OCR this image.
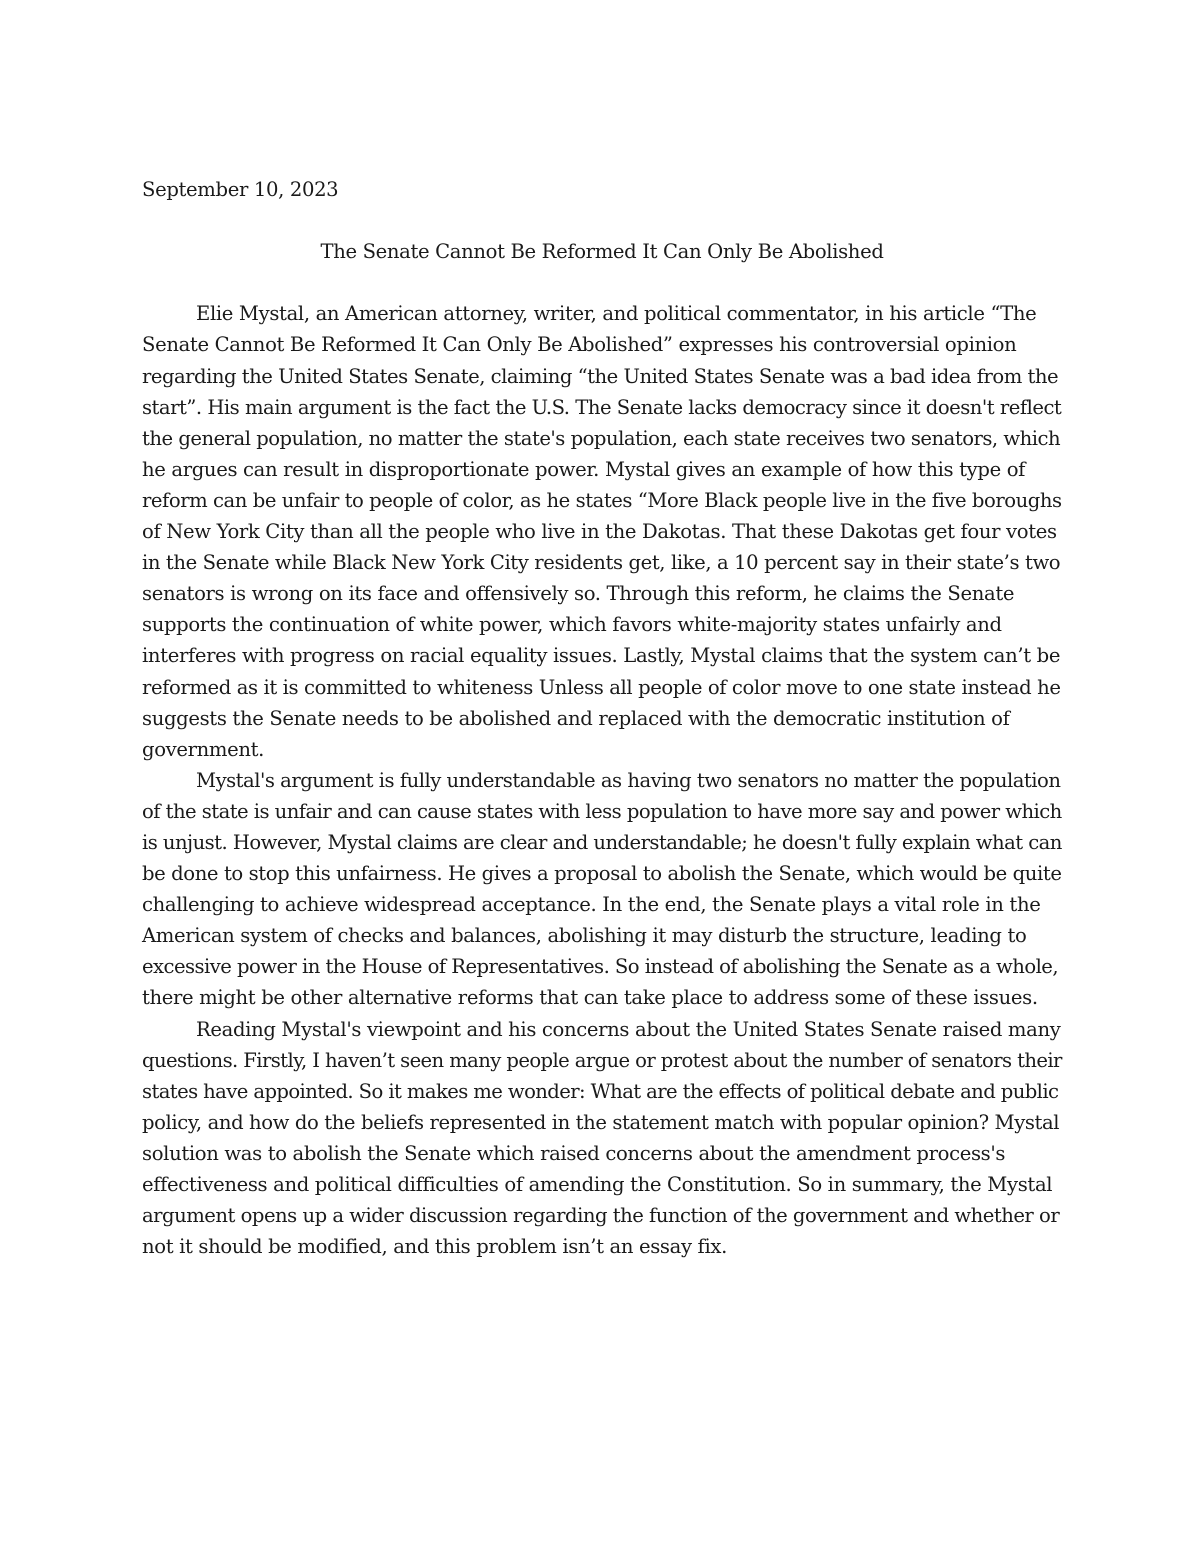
September 10, 2023

The Senate Cannot Be Reformed It Can Only Be Abolished

Elie Mystal, an American attorney, writer, and political commentator, in his article “The
Senate Cannot Be Reformed It Can Only Be Abolished” expresses his controversial opinion
regarding the United States Senate, claiming “the United States Senate was a bad idea from the
start”. His main argument is the fact the U.S. The Senate lacks democracy since it doesn't reflect
the general population, no matter the state's population, each state receives two senators, which
he argues can result in disproportionate power. Mystal gives an example of how this type of
reform can be unfair to people of color, as he states “More Black people live in the five boroughs
of New York City than all the people who live in the Dakotas. That these Dakotas get four votes
in the Senate while Black New York City residents get, like, a 10 percent say in their state’s two
senators is wrong on its face and offensively so. Through this reform, he claims the Senate
supports the continuation of white power, which favors white-majority states unfairly and
interferes with progress on racial equality issues. Lastly, Mystal claims that the system can’t be
reformed as it is committed to whiteness Unless all people of color move to one state instead he
suggests the Senate needs to be abolished and replaced with the democratic institution of
government.

Mystal's argument is fully understandable as having two senators no matter the population
of the state is unfair and can cause states with less population to have more say and power which
is unjust. However, Mystal claims are clear and understandable; he doesn't fully explain what can
be done to stop this unfairness. He gives a proposal to abolish the Senate, which would be quite
challenging to achieve widespread acceptance. In the end, the Senate plays a vital role in the
American system of checks and balances, abolishing it may disturb the structure, leading to
excessive power in the House of Representatives. So instead of abolishing the Senate as a whole,
there might be other alternative reforms that can take place to address some of these issues.

Reading Mystal's viewpoint and his concerns about the United States Senate raised many
questions. Firstly, I haven’t seen many people argue or protest about the number of senators their
states have appointed. So it makes me wonder: What are the effects of political debate and public
policy, and how do the beliefs represented in the statement match with popular opinion? Mystal
solution was to abolish the Senate which raised concerns about the amendment process's
effectiveness and political difficulties of amending the Constitution. So in summary, the Mystal
argument opens up a wider discussion regarding the function of the government and whether or
not it should be modified, and this problem isn’t an essay fix.
